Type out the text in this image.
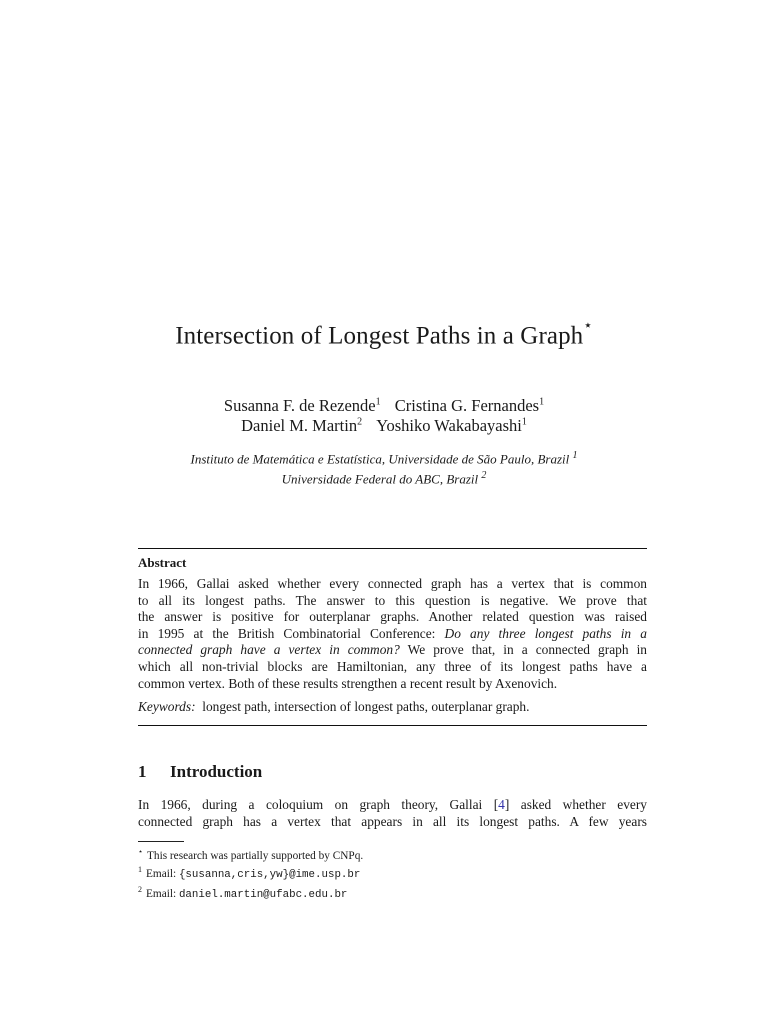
Intersection of Longest Paths in a Graph⋆
Susanna F. de Rezende$^1$ Cristina G. Fernandes$^1$
Daniel M. Martin$^2$ Yoshiko Wakabayashi$^1$
Instituto de Matemática e Estatística, Universidade de São Paulo, Brazil $^1$
Universidade Federal do ABC, Brazil $^2$
Abstract
In 1966, Gallai asked whether every connected graph has a vertex that is common
to all its longest paths. The answer to this question is negative. We prove that
the answer is positive for outerplanar graphs. Another related question was raised
in 1995 at the British Combinatorial Conference: Do any three longest paths in a
connected graph have a vertex in common? We prove that, in a connected graph in
which all non-trivial blocks are Hamiltonian, any three of its longest paths have a
common vertex. Both of these results strengthen a recent result by Axenovich.
Keywords: longest path, intersection of longest paths, outerplanar graph.
1 Introduction
In 1966, during a coloquium on graph theory, Gallai [4] asked whether every
connected graph has a vertex that appears in all its longest paths. A few years
⋆ This research was partially supported by CNPq.
$^1$ Email: {susanna,cris,yw}@ime.usp.br
$^2$ Email: daniel.martin@ufabc.edu.br
